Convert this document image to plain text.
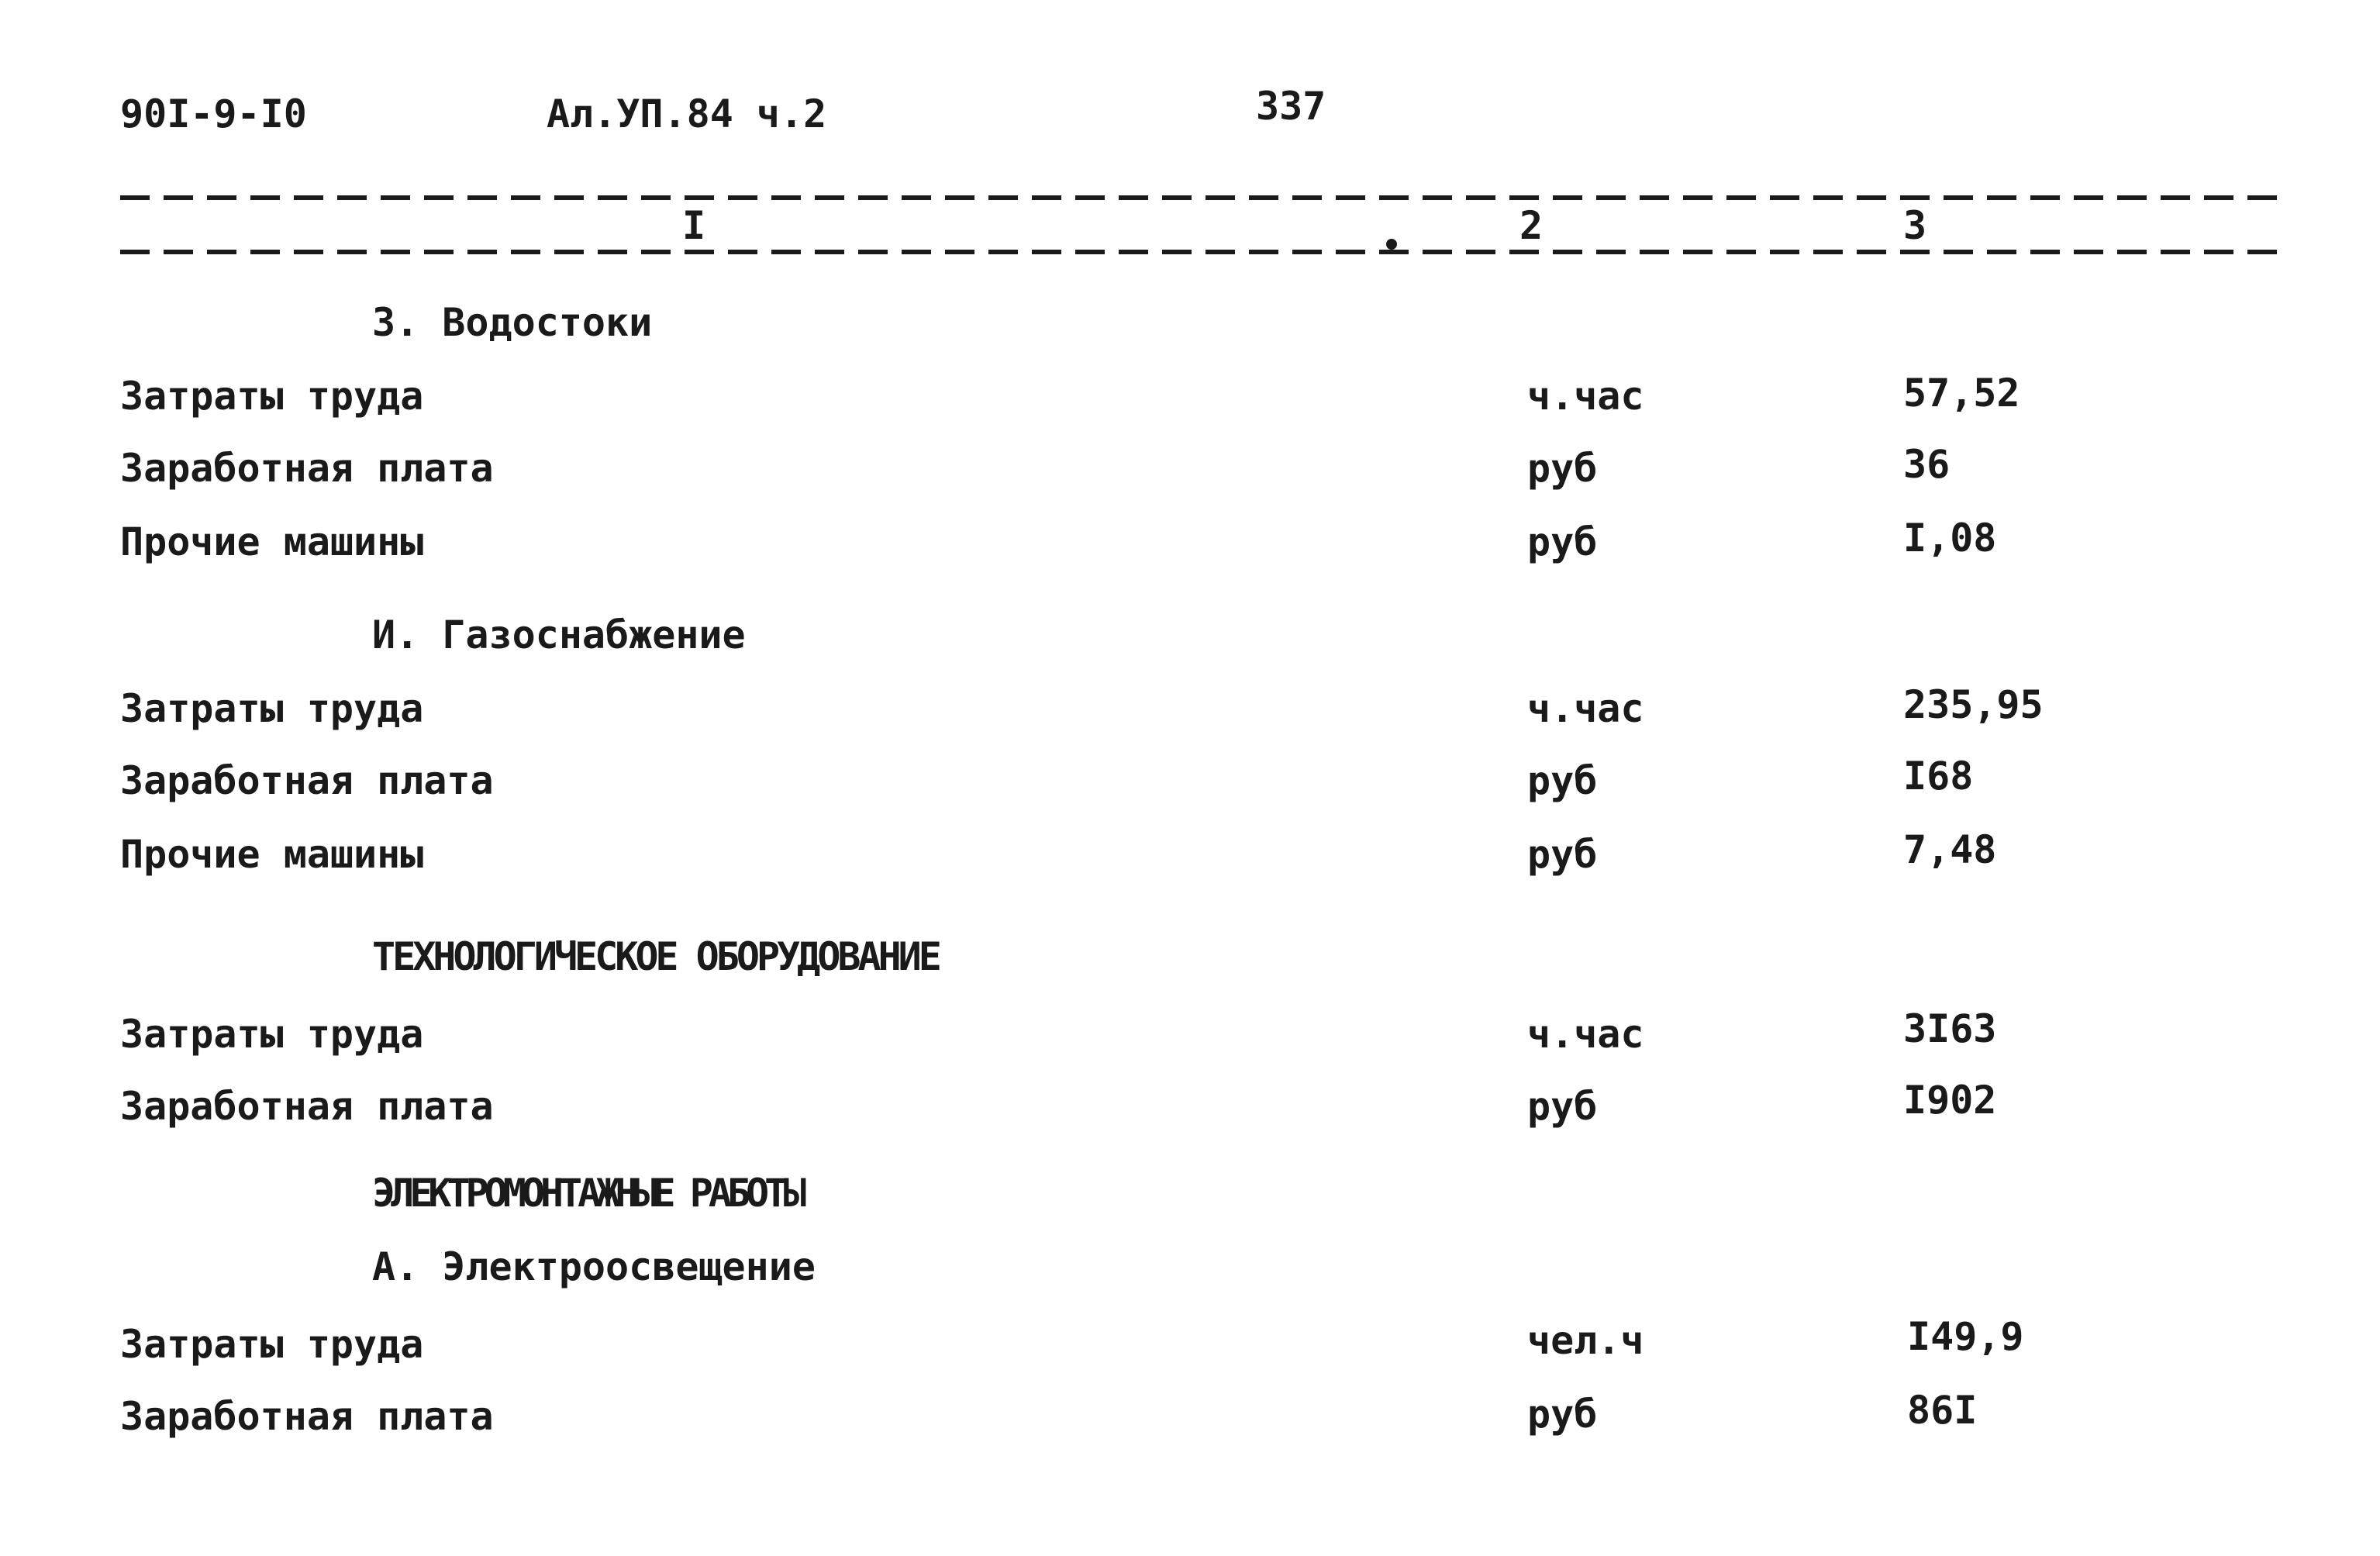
90I-9-I0	Ал.УП.84 ч.2	337
I	2	3
3. Водостоки
Затраты труда	ч.час	57,52
Заработная плата	руб	36
Прочие машины	руб	I,08
И. Газоснабжение
Затраты труда	ч.час	235,95
Заработная плата	руб	I68
Прочие машины	руб	7,48
ТЕХНОЛОГИЧЕСКОЕ ОБОРУДОВАНИЕ
Затраты труда	ч.час	3I63
Заработная плата	руб	I902
ЭЛЕКТРОМОНТАЖНЫЕ РАБОТЫ
А. Электроосвещение
Затраты труда	чел.ч	I49,9
Заработная плата	руб	86I
